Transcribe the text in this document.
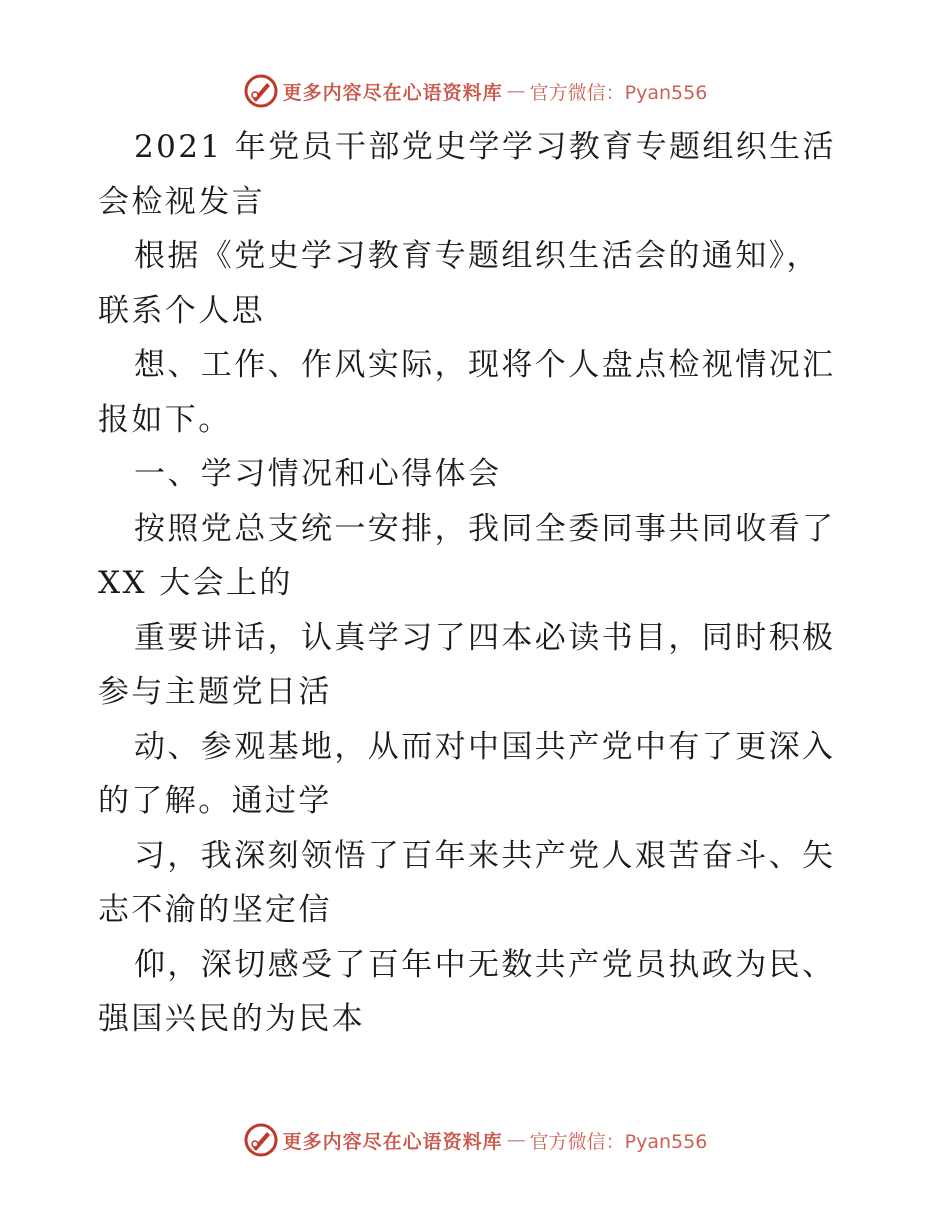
更多内容尽在心语资料库 — 官方微信：Pyan556
2021 年党员干部党史学学习教育专题组织生活
会检视发言
根据《党史学习教育专题组织生活会的通知》，
联系个人思
想、工作、作风实际，现将个人盘点检视情况汇
报如下。
一、学习情况和心得体会
按照党总支统一安排，我同全委同事共同收看了
XX 大会上的
重要讲话，认真学习了四本必读书目，同时积极
参与主题党日活
动、参观基地，从而对中国共产党中有了更深入
的了解。通过学
习，我深刻领悟了百年来共产党人艰苦奋斗、矢
志不渝的坚定信
仰，深切感受了百年中无数共产党员执政为民、
强国兴民的为民本
更多内容尽在心语资料库 — 官方微信：Pyan556
